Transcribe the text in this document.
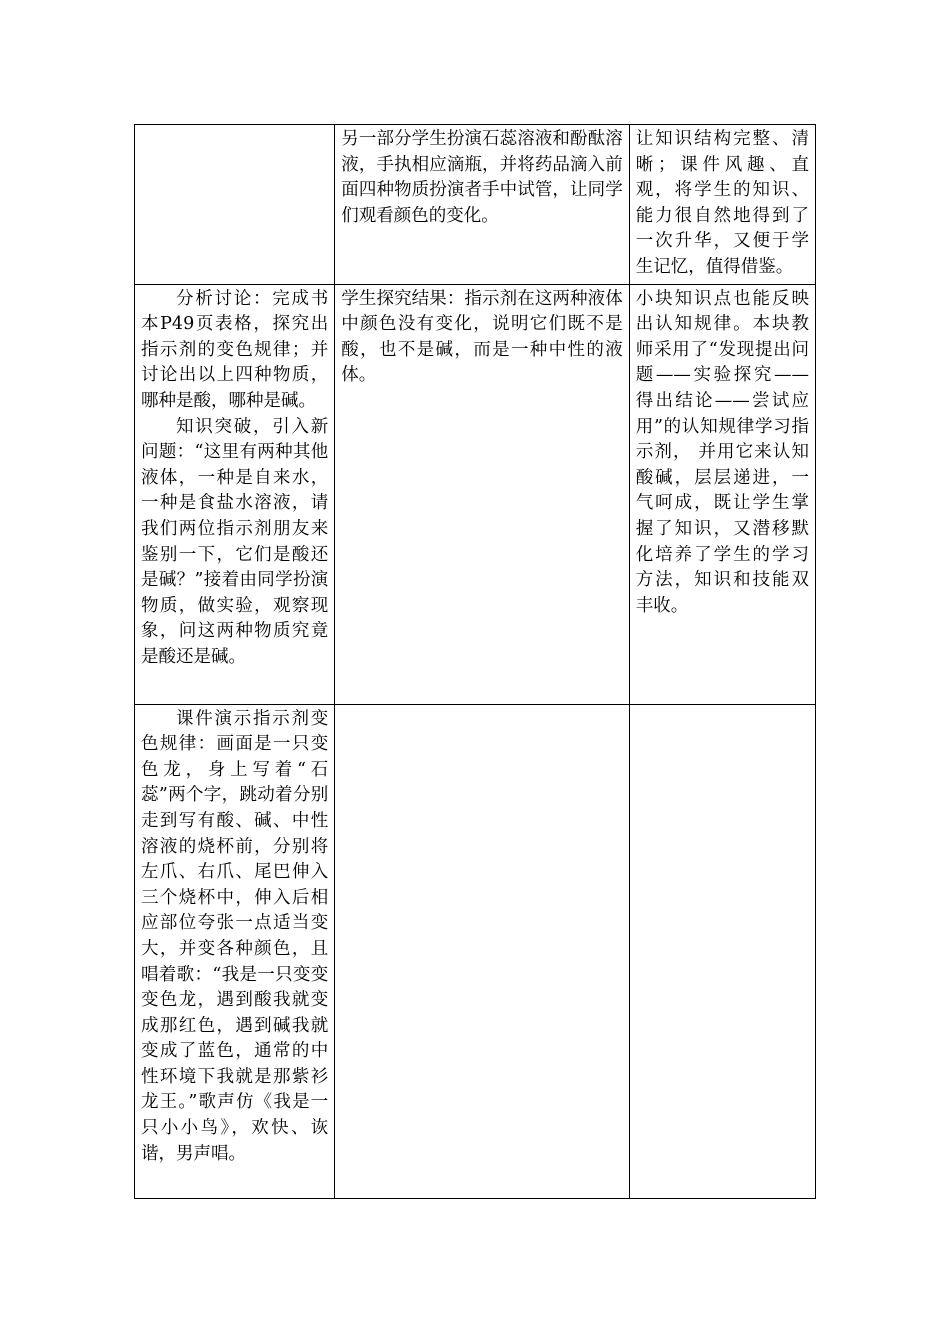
	另一部分学生扮演石蕊溶液和酚酞溶液，手执相应滴瓶，并将药品滴入前面四种物质扮演者手中试管，让同学们观看颜色的变化。	让知识结构完整、清晰；课件风趣、直观，将学生的知识、能力很自然地得到了一次升华，又便于学生记忆，值得借鉴。

分析讨论：完成书本P49页表格，探究出指示剂的变色规律；并讨论出以上四种物质，哪种是酸，哪种是碱。

知识突破，引入新问题：“这里有两种其他液体，一种是自来水，一种是食盐水溶液，请我们两位指示剂朋友来鉴别一下，它们是酸还是碱？”接着由同学扮演物质，做实验，观察现象，问这两种物质究竟是酸还是碱。	学生探究结果：指示剂在这两种液体中颜色没有变化，说明它们既不是酸，也不是碱，而是一种中性的液体。	小块知识点也能反映出认知规律。本块教师采用了“发现提出问题——实验探究——得出结论——尝试应用”的认知规律学习指示剂， 并用它来认知酸碱，层层递进，一气呵成，既让学生掌握了知识，又潜移默化培养了学生的学习方法，知识和技能双丰收。

课件演示指示剂变色规律：画面是一只变色龙，身上写着“石蕊”两个字，跳动着分别走到写有酸、碱、中性溶液的烧杯前，分别将左爪、右爪、尾巴伸入三个烧杯中，伸入后相应部位夸张一点适当变大，并变各种颜色，且唱着歌：“我是一只变变变色龙，遇到酸我就变成那红色，遇到碱我就变成了蓝色，通常的中性环境下我就是那紫衫龙王。”歌声仿《我是一只小小鸟》，欢快、诙谐，男声唱。		
